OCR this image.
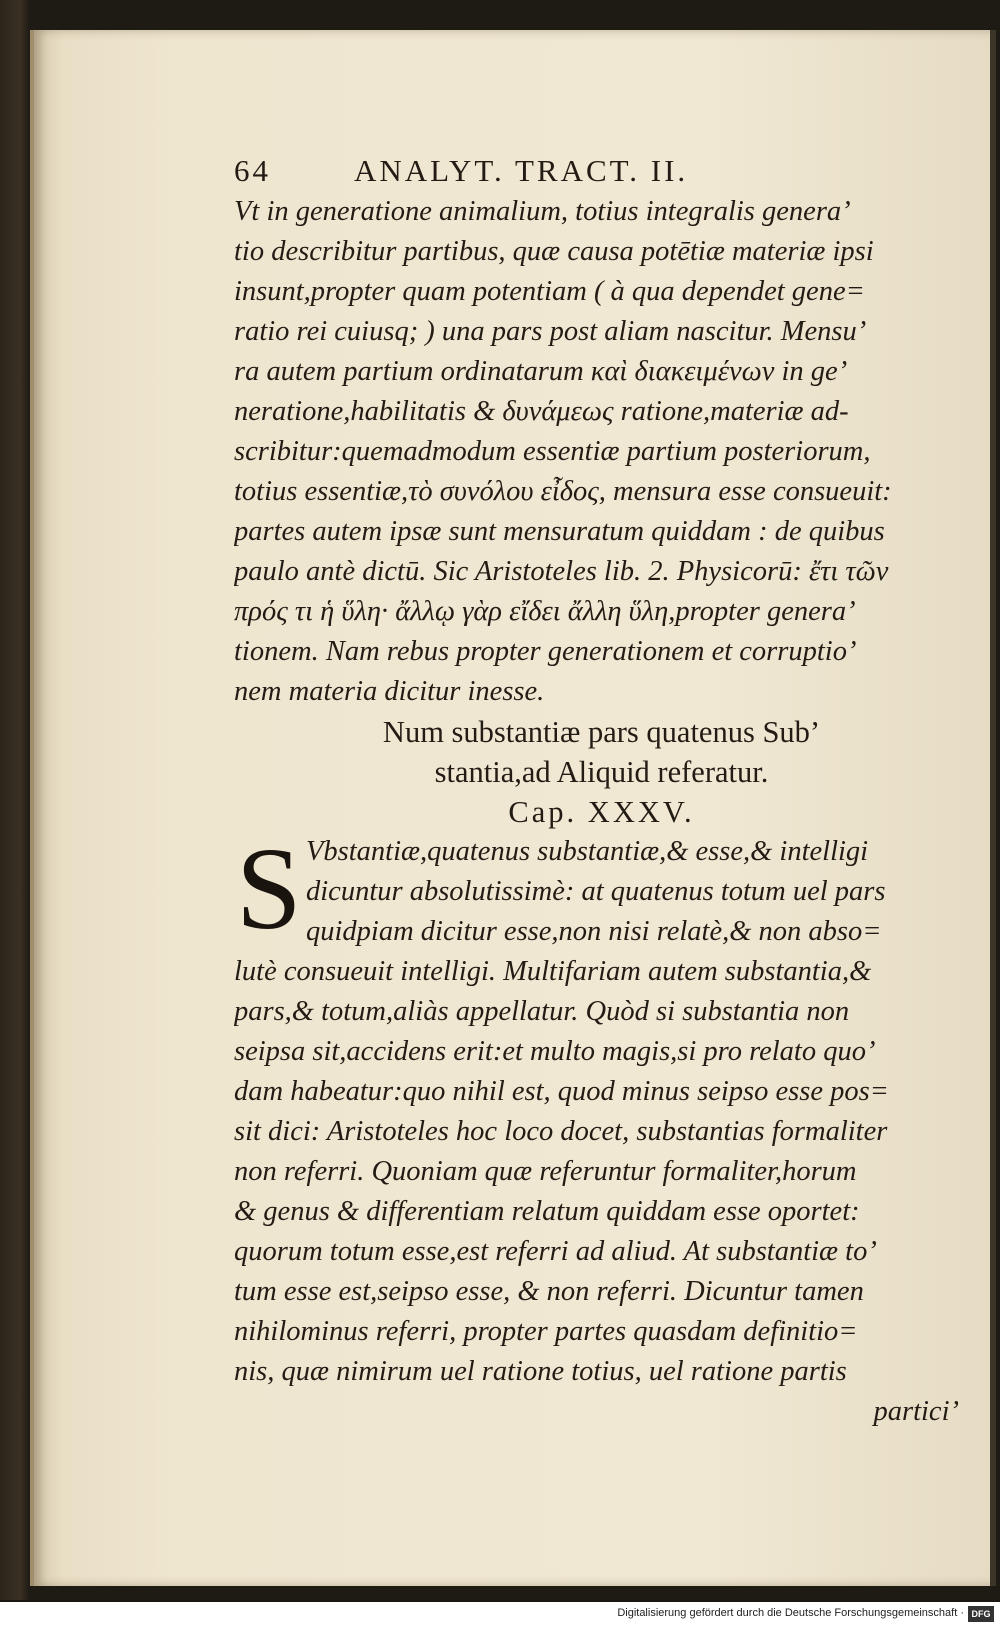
64	ANALYT. TRACT. II.
Vt in generatione animalium, totius integralis genera’
tio describitur partibus, quæ causa potētiæ materiæ ipsi
insunt,propter quam potentiam ( à qua dependet gene=
ratio rei cuiusq; ) una pars post aliam nascitur. Mensu’
ra autem partium ordinatarum καὶ διακειμένων in ge’
neratione,habilitatis & δυνάμεως ratione,materiæ ad-
scribitur:quemadmodum essentiæ partium posteriorum,
totius essentiæ,τὸ συνόλου εἶδος, mensura esse consueuit:
partes autem ipsæ sunt mensuratum quiddam : de quibus
paulo antè dictū. Sic Aristoteles lib. 2. Physicorū: ἔτι τῶν
πρός τι ἡ ὕλη· ἄλλῳ γὰρ εἴδει ἄλλη ὕλη,propter genera’
tionem. Nam rebus propter generationem et corruptio’
nem materia dicitur inesse.
Num substantiæ pars quatenus Sub’
stantia,ad Aliquid referatur.
Cap. XXXV.
S Vbstantiæ,quatenus substantiæ,& esse,& intelligi
dicuntur absolutissimè: at quatenus totum uel pars
quidpiam dicitur esse,non nisi relatè,& non abso=
lutè consueuit intelligi. Multifariam autem substantia,&
pars,& totum,aliàs appellatur. Quòd si substantia non
seipsa sit,accidens erit:et multo magis,si pro relato quo’
dam habeatur:quo nihil est, quod minus seipso esse pos=
sit dici: Aristoteles hoc loco docet, substantias formaliter
non referri. Quoniam quæ referuntur formaliter,horum
& genus & differentiam relatum quiddam esse oportet:
quorum totum esse,est referri ad aliud. At substantiæ to’
tum esse est,seipso esse, & non referri. Dicuntur tamen
nihilominus referri, propter partes quasdam definitio=
nis, quæ nimirum uel ratione totius, uel ratione partis
partici’
Digitalisierung gefördert durch die Deutsche Forschungsgemeinschaft · DFG
